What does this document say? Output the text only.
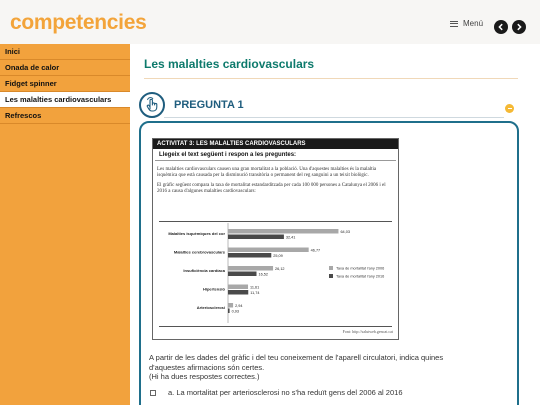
competencies	Menú
Inici
Onada de calor
Fidget spinner
Les malalties cardiovasculars
Refrescos
Les malalties cardiovasculars
PREGUNTA 1
ACTIVITAT 3: LES MALALTIES CARDIOVASCULARS
Llegeix el text següent i respon a les preguntes:
Les malalties cardiovasculars causen una gran mortalitat a la població. Una d'aquestes malalties és la malaltia isquèmica que està causada per la disminució transitòria o permanent del reg sanguini a un teixit biològic.
El gràfic següent compara la taxa de mortalitat estandarditzada per cada 100 000 persones a Catalunya el 2006 i el 2016 a causa d'algunes malalties cardiovasculars:
Malalties isquèmiques del cor	64,03
32,41
Malalties cerebrovasculars	46,77
25,09
Insuficiència cardíaca	26,12
16,52
Hipertensió	11,61
11,74
Arteriosclerosi	2,94
0,93
Taxa de mortalitat l'any 2006
Taxa de mortalitat l'any 2016
Font: http://salutweb.gencat.cat
A partir de les dades del gràfic i del teu coneixement de l'aparell circulatori, indica quines
d'aquestes afirmacions són certes.
(Hi ha dues respostes correctes.)
a. La mortalitat per arteriosclerosi no s'ha reduït gens del 2006 al 2016
